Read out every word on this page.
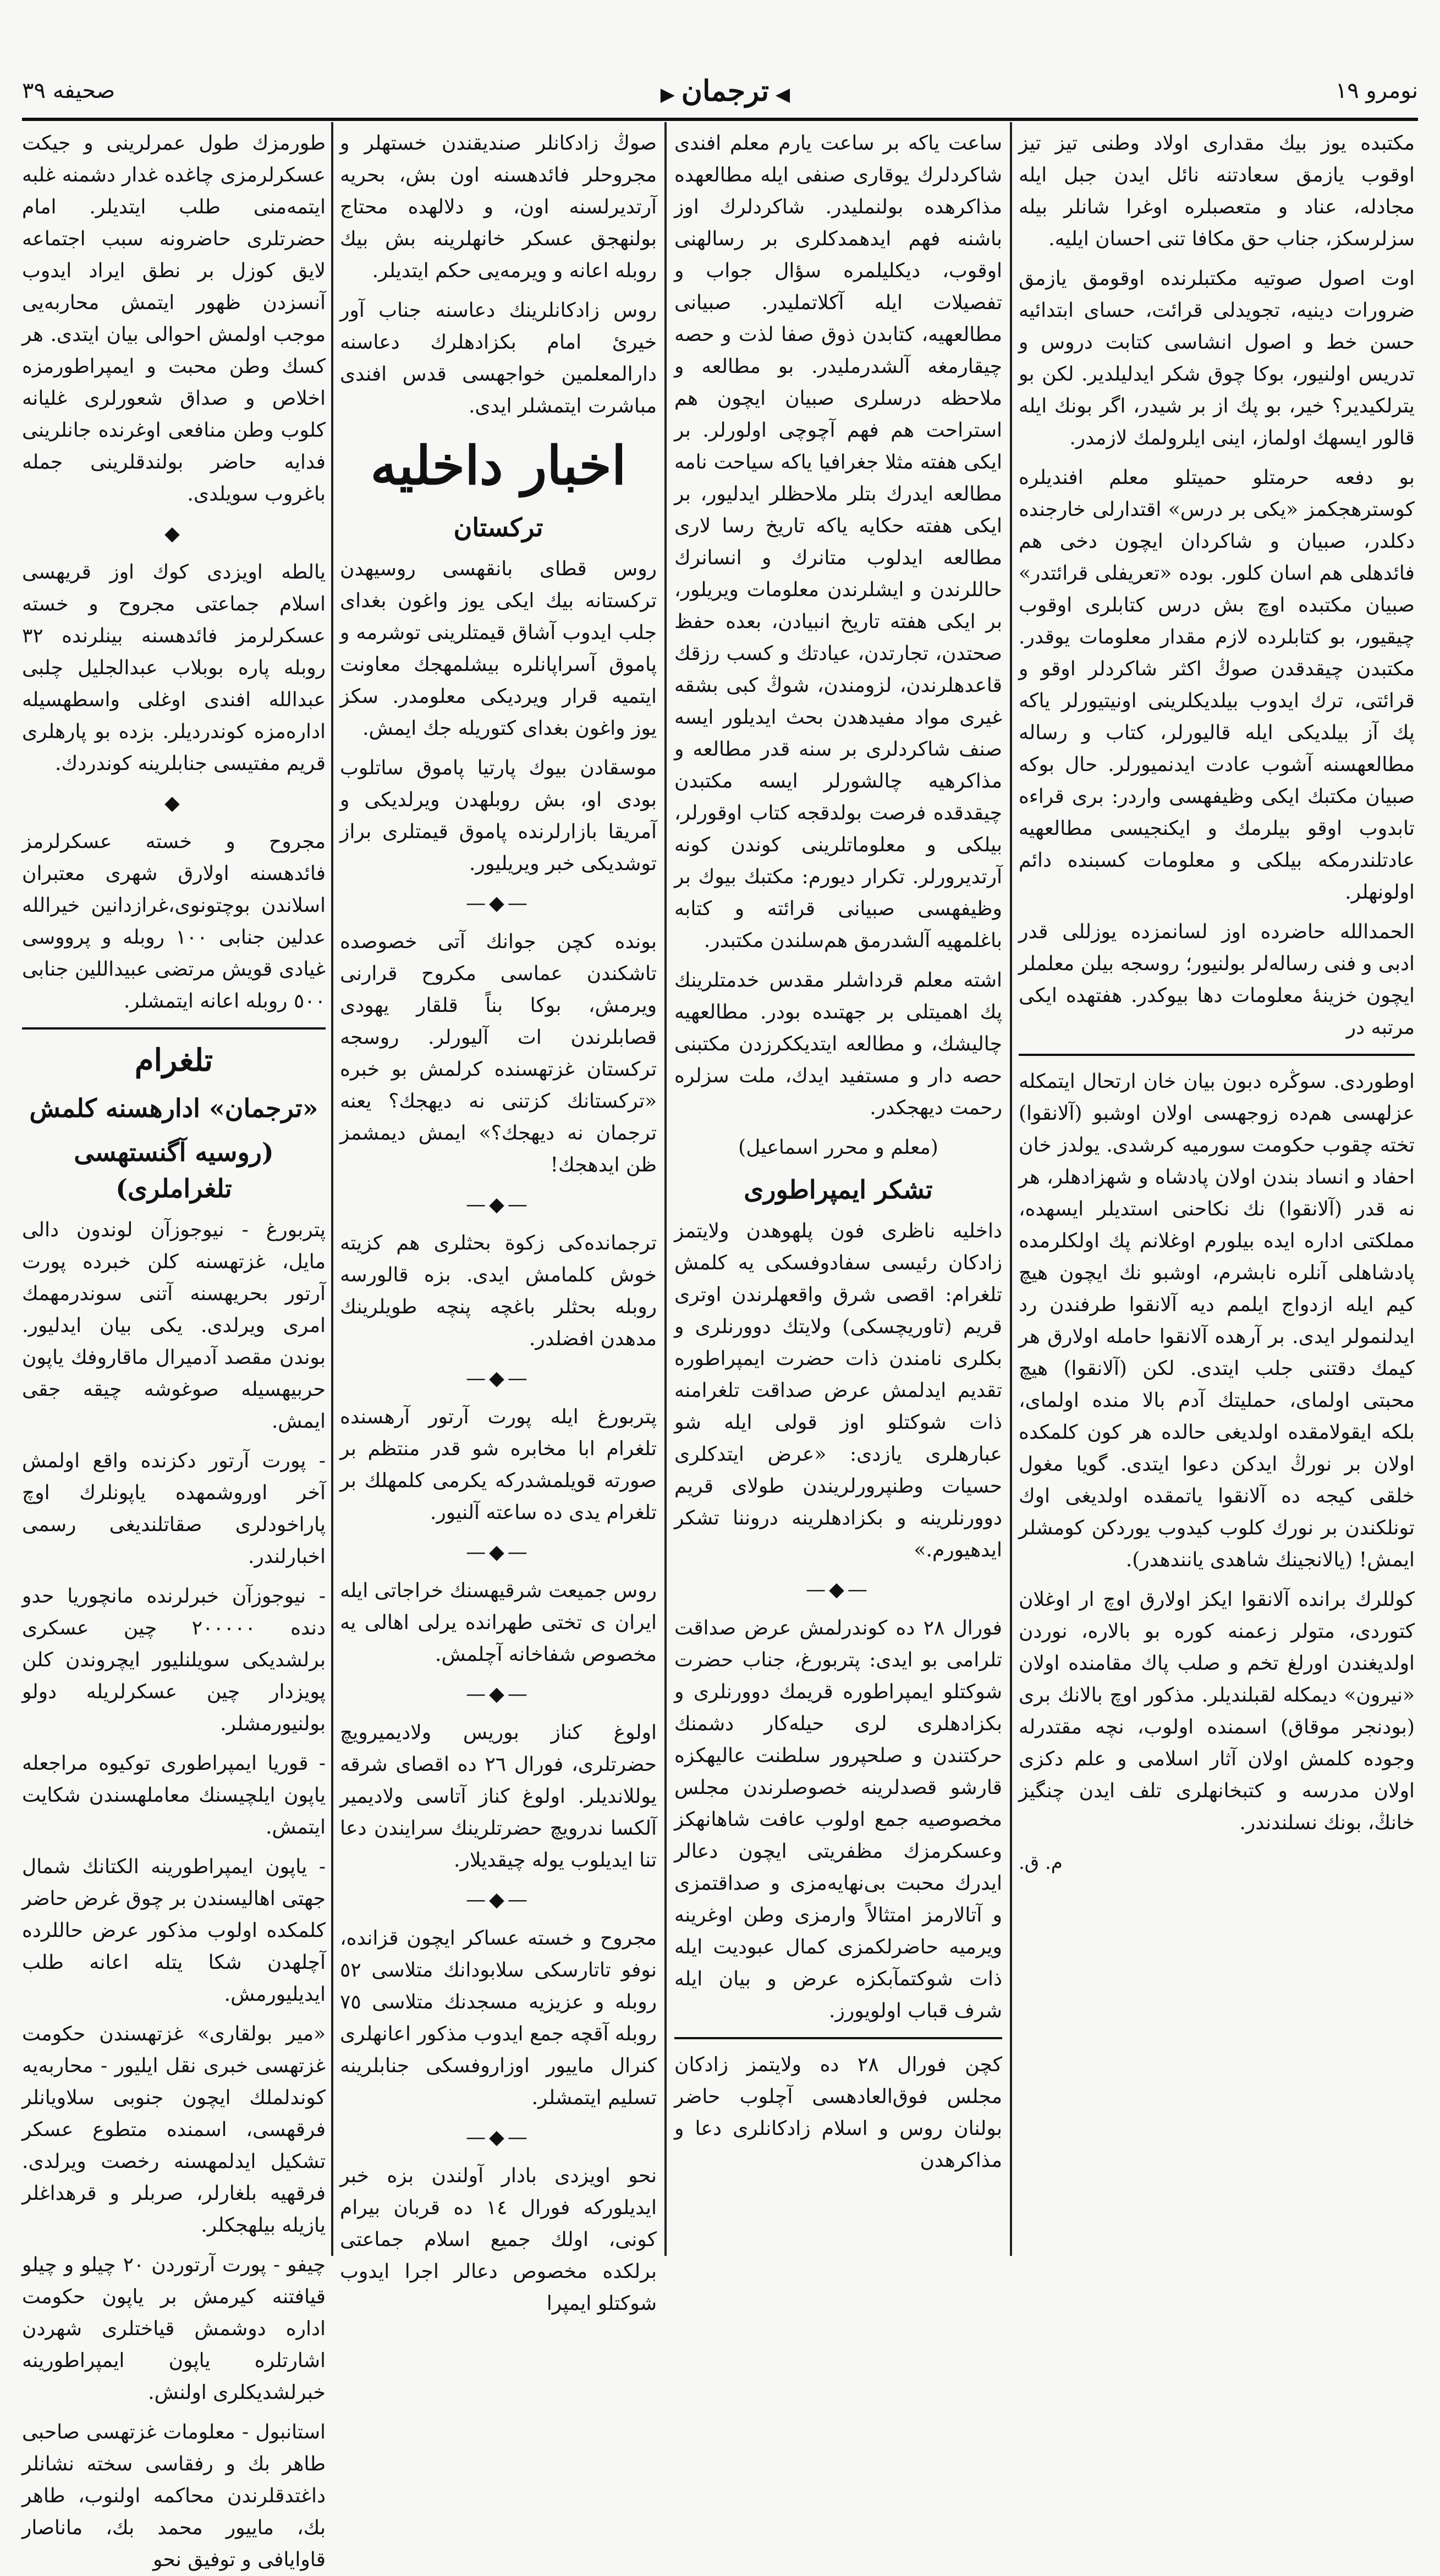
نومرو ١٩
◀ ترجمان ▶
صحيفه ٣٩

مكتبده يوز بيك مقدارى اولاد وطنى تيز تيز اوقوب يازمق سعادتنه نائل ايدن جبل ايله مجادله، عناد و متعصبلره اوغرا شانلر بيله سزلرسكز، جناب حق مكافا تنى احسان ايليه.

اوت اصول صوتيه مكتبلرنده اوقومق يازمق ضرورات دينيه، تجويدلى قرائت، حساى ابتدائيه حسن خط و اصول انشاسى كتابت دروس و تدريس اولنيور، بوكا چوق شكر ايدليلدير. لكن بو يترلكيدير؟ خير، بو پك از بر شيدر، اگر بونك ايله قالور ايسهك اولماز، اينى ايلرولمك لازمدر.

بو دفعه حرمتلو حميتلو معلم افنديلره كوسترهجكمز «يكى بر درس» اقتدارلى خارجنده دكلدر، صبيان و شاكردان ايچون دخى هم فائدهلى هم اسان كلور. بوده «تعريفلى قرائتدر» صبيان مكتبده اوچ بش درس كتابلرى اوقوب چيقيور، بو كتابلرده لازم مقدار معلومات يوقدر. مكتبدن چيقدقدن صوڭ اكثر شاكردلر اوقو و قرائتى، ترك ايدوب بيلديكلرينى اونيتيورلر ياكه پك آز بيلديكى ايله قاليورلر، كتاب و رساله مطالعهسنه آشوب عادت ايدنميورلر. حال بوكه صبيان مكتبك ايكى وظيفهسى واردر: برى قراءه تابدوب اوقو بيلرمك و ايكنجيسى مطالعهيه عادتلندرمكه بيلكى و معلومات كسبنده دائم اولونهلر.

الحمدالله حاضرده اوز لسانمزده يوزللى قدر ادبى و فنى رساله‌لر بولنيور؛ روسجه بيلن معلملر ايچون خزينهٔ معلومات دها بيوكدر. هفتهده ايكى مرتبه در

اوطوردى. سوڭره دبون بيان خان ارتحال ايتمكله عزلهسى هم‌ده زوجهسى اولان اوشبو (آلانقوا) تخته چقوب حكومت سورميه كرشدى. يولدز خان احفاد و انساد بندن اولان پادشاه و شهزادهلر، هر نه قدر (آلانقوا) نك نكاحنى استديلر ايسهده، مملكتى اداره ايده بيلورم اوغلانم پك اولكلرمده پادشاهلى آنلره نابشرم، اوشبو نك ايچون هيچ كيم ايله ازدواج ايلمم ديه آلانقوا طرفندن رد ايدلنمولر ايدى. بر آرهده آلانقوا حامله اولارق هر كيمك دقتنى جلب ايتدى. لكن (آلانقوا) هيچ محبتى اولماى، حمليتك آدم بالا منده اولماى، بلكه ايقولامقده اولديغى حالده هر كون كلمكده اولان بر نورڭ ايدكن دعوا ايتدى. گويا مغول خلقى كيجه ده آلانقوا ياتمقده اولديغى اوك تونلكندن بر نورك كلوب كيدوب يوردكن كومشلر ايمش! (يالانجينك شاهدى يانندهدر).

كوللرك برانده آلانقوا ايكز اولارق اوچ ار اوغلان كتوردى، متولر زعمنه كوره بو بالاره، نوردن اولديغندن اورلغ تخم و صلب پاك مقامنده اولان «نيرون» ديمكله لقبلنديلر. مذكور اوچ بالانك برى (بودنجر موقاق) اسمنده اولوب، نچه مقتدرله وجوده كلمش اولان آثار اسلامى و علم دكزى اولان مدرسه و كتبخانهلرى تلف ايدن چنگيز خانڭ، بونك نسلندندر.

م. ق.

ساعت ياكه بر ساعت يارم معلم افندى شاكردلرك يوقارى صنفى ايله مطالعهده مذاكرهده بولنمليدر. شاكردلرك اوز باشنه فهم ايدهمدكلرى بر رسالهنى اوقوب، ديكليلمره سؤال جواب و تفصيلات ايله آكلاتمليدر. صبيانى مطالعهيه، كتابدن ذوق صفا لذت و حصه چيقارمغه آلشدرمليدر. بو مطالعه و ملاحظه درسلرى صبيان ايچون هم استراحت هم فهم آچوچى اولورلر. بر ايكى هفته مثلا جغرافيا ياكه سياحت نامه مطالعه ايدرك بتلر ملاحظلر ايدليور، بر ايكى هفته حكايه ياكه تاريخ رسا لارى مطالعه ايدلوب متانرك و انسانرك حاللرندن و ايشلرندن معلومات ويريلور، بر ايكى هفته تاريخ انبيادن، بعده حفظ صحتدن، تجارتدن، عيادتك و كسب رزقك قاعدهلرندن، لزومندن، شوڭ كبى بشقه غيرى مواد مفيدهدن بحث ايديلور ايسه صنف شاكردلرى بر سنه قدر مطالعه و مذاكرهيه چالشورلر ايسه مكتبدن چيقدقده فرصت بولدقجه كتاب اوقورلر، بيلكى و معلوماتلرينى كوندن كونه آرتديرورلر. تكرار ديورم: مكتبك بيوك بر وظيفهسى صبيانى قرائته و كتابه باغلمهيه آلشدرمق هم‌سلندن مكتبدر.

اشته معلم قرداشلر مقدس خدمتلرينك پك اهميتلى بر جهتىده بودر. مطالعهيه چاليشك، و مطالعه ايتديككرزدن مكتبنى حصه دار و مستفيد ايدك، ملت سزلره رحمت ديهجكدر.

(معلم و محرر اسماعيل)
تشكر ايمپراطورى

داخليه ناظرى فون پلهوهدن ولايتمز زادكان رئيسى سفادوفسكى يه كلمش تلغرام: اقصى شرق واقعهلرندن اوترى قريم (تاوريچسكى) ولايتك دوورنلرى و بكلرى نامندن ذات حضرت ايمپراطوره تقديم ايدلمش عرض صداقت تلغرامنه ذات شوكتلو اوز قولى ايله شو عبارهلرى يازدى: «عرض ايتدكلرى حسيات وطنپرورلريندن طولاى قريم دوورنلرينه و بكزادهلرينه دروننا تشكر ايدهيورم.»

—◆—

فورال ٢٨ ده كوندرلمش عرض صداقت تلرامى بو ايدى: پتربورغ، جناب حضرت شوكتلو ايمپراطوره قريمك دوورنلرى و بكزادهلرى لرى حيله‌كار دشمنك حركتندن و صلحپرور سلطنت عاليهكزه قارشو قصدلرينه خصوصلرندن مجلس مخصوصيه جمع اولوب عافت شاهانهكز وعسكرمزك مظفريتى ايچون دعالر ايدرك محبت بى‌نهايه‌مزى و صداقتمزى و آتالارمز امتثالاً وارمزى وطن اوغرينه ويرميه حاضرلكمزى كمال عبوديت ايله ذات شوكتمآبكزه عرض و بيان ايله شرف قباب اولويورز.

كچن فورال ٢٨ ده ولايتمز زادكان مجلس فوق‌العادهسى آچلوب حاضر بولنان روس و اسلام زادكانلرى دعا و مذاكرهدن

صوڭ زادكانلر صنديقندن خستهلر و مجروحلر فائدهسنه اون بش، بحريه آرتديرلسنه اون، و دلالهده محتاج بولنهجق عسكر خانهلرينه بش بيك روبله اعانه و ويرمه‌يى حكم ايتديلر.

روس زادكانلرينك دعاسنه جناب آور خيرىٔ امام بكزادهلرك دعاسنه دارالمعلمين خواجهسى قدس افندى مباشرت ايتمشلر ايدى.

اخبار داخليه
تركستان

روس قطاى بانقهسى روسيهدن تركستانه بيك ايكى يوز واغون بغداى جلب ايدوب آشاق قيمتلرينى توشرمه و پاموق آسراپانلره بيشلمهجك معاونت ايتميه قرار ويرديكى معلومدر. سكز يوز واغون بغداى كتوريله جك ايمش.

موسقادن بيوك پارتيا پاموق ساتلوب بودى او، بش روبلهدن ويرلديكى و آمريقا بازارلرنده پاموق قيمتلرى براز توشديكى خبر ويريليور.

—◆—

بونده كچن جوانك آتى خصوصده تاشكندن عماسى مكروح قرارنى ويرمش، بوكا بناً قلقار يهودى قصابلرندن ات آليورلر. روسجه تركستان غزتهسنده كرلمش بو خبره «تركستانك كزتنى نه ديهجك؟ يعنه ترجمان نه ديهجك؟» ايمش ديمشمز ظن ايدهجك!

—◆—

ترجمانده‌كى زكوة بحثلرى هم كزيته خوش كلمامش ايدى. بزه قالورسه روبله بحثلر باغچه پنچه طويلرينك مدهدن افضلدر.

—◆—

پتربورغ ايله پورت آرتور آرهسنده تلغرام ابا مخابره شو قدر منتظم بر صورته قويلمشدركه يكرمى كلمهلك بر تلغرام يدى ده ساعته آلنيور.

—◆—

روس جميعت شرقيهسنك خراجاتى ايله ايران ى تختى طهرانده يرلى اهالى يه مخصوص شفاخانه آچلمش.

—◆—

اولوغ كناز بوريس ولاديميرويچ حضرتلرى، فورال ٢٦ ده اقصاى شرقه يوللانديلر. اولوغ كناز آتاسى ولاديمير آلكسا ندرويچ حضرتلرينك سرايندن دعا تنا ايديلوب يوله چيقديلار.

—◆—

مجروح و خسته عساكر ايچون قزانده، نوفو تاتارسكى سلابودانك متلاسى ٥٢ روبله و عزيزيه مسجدنك متلاسى ٧٥ روبله آقچه جمع ايدوب مذكور اعانهلرى كنرال ماييور اوزاروفسكى جنابلرينه تسليم ايتمشلر.

—◆—

نحو اويزدى بادار آولندن بزه خبر ايديلوركه فورال ١٤ ده قربان بيرام كونى، اولك جميع اسلام جماعتى برلكده مخصوص دعالر اجرا ايدوب شوكتلو ايمپرا

طورمزك طول عمرلرينى و جيكت عسكرلرمزى چاغده غدار دشمنه غلبه ايتمه‌منى طلب ايتديلر. امام حضرتلرى حاضرونه سبب اجتماعه لايق كوزل بر نطق ايراد ايدوب آنسزدن ظهور ايتمش محاربه‌يى موجب اولمش احوالى بيان ايتدى. هر كسك وطن محبت و ايمپراطورمزه اخلاص و صداق شعورلرى غليانه كلوب وطن منافعى اوغرنده جانلرينى فدايه حاضر بولندقلرينى جمله باغروب سويلدى.

◆

يالطه اويزدى كوك اوز قريهسى اسلام جماعتى مجروح و خسته عسكرلرمز فائدهسنه بينلرنده ٣٢ روبله پاره بوبلاب عبدالجليل چلبى عبدالله افندى اوغلى واسطهسيله اداره‌مزه كوندرديلر. بزده بو پارهلرى قريم مفتيسى جنابلرينه كوندردك.

◆

مجروح و خسته عسكرلرمز فائدهسنه اولارق شهرى معتبران اسلاندن بوچتونوى،غرازدانين خيرالله عدلين جنابى ١٠٠ روبله و پرووسى غيادى قويش مرتضى عبيداللين جنابى ٥٠٠ روبله اعانه ايتمشلر.

تلغرام
«ترجمان» ادارهسنه كلمش
(روسيه آگنستهسى تلغراملرى)

پتربورغ - نيوجوزآن لوندون دالى مايل، غزتهسنه كلن خبرده پورت آرتور بحريهسنه آتنى سوندرمهمك امرى ويرلدى. يكى بيان ايدليور. بوندن مقصد آدميرال ماقاروفك ياپون حربيهسيله صوغوشه چيقه جقى ايمش.

- پورت آرتور دكزنده واقع اولمش آخر اوروشمهده ياپونلرك اوچ پاراخودلرى صقاتلنديغى رسمى اخبارلندر.

- نيوجوزآن خبرلرنده مانچوريا حدو دنده ٢٠٠٠٠٠ چين عسكرى برلشديكى سويلنليور ايچروندن كلن پويزدار چين عسكرلريله دولو بولنيورمشلر.

- قوريا ايمپراطورى توكيوه مراجعله ياپون ايلچيسنك معاملهسندن شكايت ايتمش.

- ياپون ايمپراطورينه الكتانك شمال جهتى اهاليسندن بر چوق غرض حاضر كلمكده اولوب مذكور عرض حاللرده آچلهدن شكا يتله اعانه طلب ايديليورمش.

«مير بولقارى» غزتهسندن حكومت غزتهسى خبرى نقل ايليور - محاربه‌يه كوندلملك ايچون جنوبى سلاويانلر فرقهسى، اسمنده متطوع عسكر تشكيل ايدلمهسنه رخصت ويرلدى. فرقهيه بلغارلر، صربلر و قرهداغلر يازيله بيلهجكلر.

چيفو - پورت آرتوردن ٢٠ چيلو و چيلو قيافتنه كيرمش بر ياپون حكومت اداره دوشمش قياختلرى شهردن اشارتلره ياپون ايمپراطورينه خبرلشديكلرى اولنش.

استانبول - معلومات غزتهسى صاحبى طاهر بك و رفقاسى سخته نشانلر داغتدقلرندن محاكمه اولنوب، طاهر بك، ماييور محمد بك، ماناصار قاوايافى و توفيق نحو
